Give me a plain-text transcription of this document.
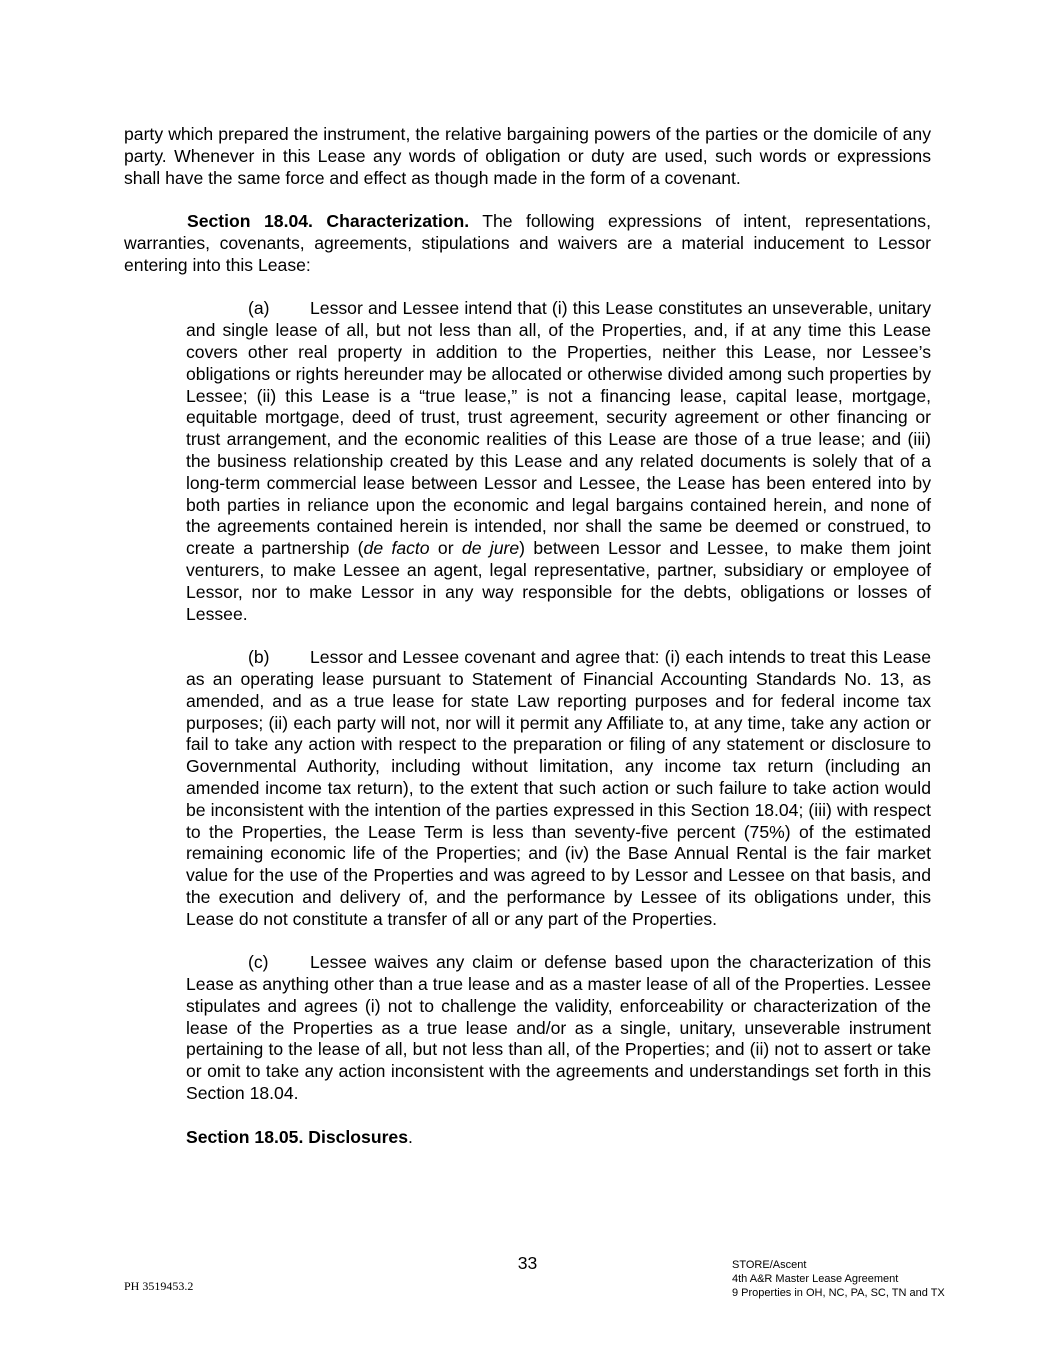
party which prepared the instrument, the relative bargaining powers of the parties or the domicile of any party. Whenever in this Lease any words of obligation or duty are used, such words or expressions shall have the same force and effect as though made in the form of a covenant.

Section 18.04. Characterization. The following expressions of intent, representations, warranties, covenants, agreements, stipulations and waivers are a material inducement to Lessor entering into this Lease:

(a) Lessor and Lessee intend that (i) this Lease constitutes an unseverable, unitary and single lease of all, but not less than all, of the Properties, and, if at any time this Lease covers other real property in addition to the Properties, neither this Lease, nor Lessee’s obligations or rights hereunder may be allocated or otherwise divided among such properties by Lessee; (ii) this Lease is a “true lease,” is not a financing lease, capital lease, mortgage, equitable mortgage, deed of trust, trust agreement, security agreement or other financing or trust arrangement, and the economic realities of this Lease are those of a true lease; and (iii) the business relationship created by this Lease and any related documents is solely that of a long-term commercial lease between Lessor and Lessee, the Lease has been entered into by both parties in reliance upon the economic and legal bargains contained herein, and none of the agreements contained herein is intended, nor shall the same be deemed or construed, to create a partnership (de facto or de jure) between Lessor and Lessee, to make them joint venturers, to make Lessee an agent, legal representative, partner, subsidiary or employee of Lessor, nor to make Lessor in any way responsible for the debts, obligations or losses of Lessee.

(b) Lessor and Lessee covenant and agree that: (i) each intends to treat this Lease as an operating lease pursuant to Statement of Financial Accounting Standards No. 13, as amended, and as a true lease for state Law reporting purposes and for federal income tax purposes; (ii) each party will not, nor will it permit any Affiliate to, at any time, take any action or fail to take any action with respect to the preparation or filing of any statement or disclosure to Governmental Authority, including without limitation, any income tax return (including an amended income tax return), to the extent that such action or such failure to take action would be inconsistent with the intention of the parties expressed in this Section 18.04; (iii) with respect to the Properties, the Lease Term is less than seventy-five percent (75%) of the estimated remaining economic life of the Properties; and (iv) the Base Annual Rental is the fair market value for the use of the Properties and was agreed to by Lessor and Lessee on that basis, and the execution and delivery of, and the performance by Lessee of its obligations under, this Lease do not constitute a transfer of all or any part of the Properties.

(c) Lessee waives any claim or defense based upon the characterization of this Lease as anything other than a true lease and as a master lease of all of the Properties. Lessee stipulates and agrees (i) not to challenge the validity, enforceability or characterization of the lease of the Properties as a true lease and/or as a single, unitary, unseverable instrument pertaining to the lease of all, but not less than all, of the Properties; and (ii) not to assert or take or omit to take any action inconsistent with the agreements and understandings set forth in this Section 18.04.

Section 18.05. Disclosures.

33
PH 3519453.2
STORE/Ascent
4th A&R Master Lease Agreement
9 Properties in OH, NC, PA, SC, TN and TX
